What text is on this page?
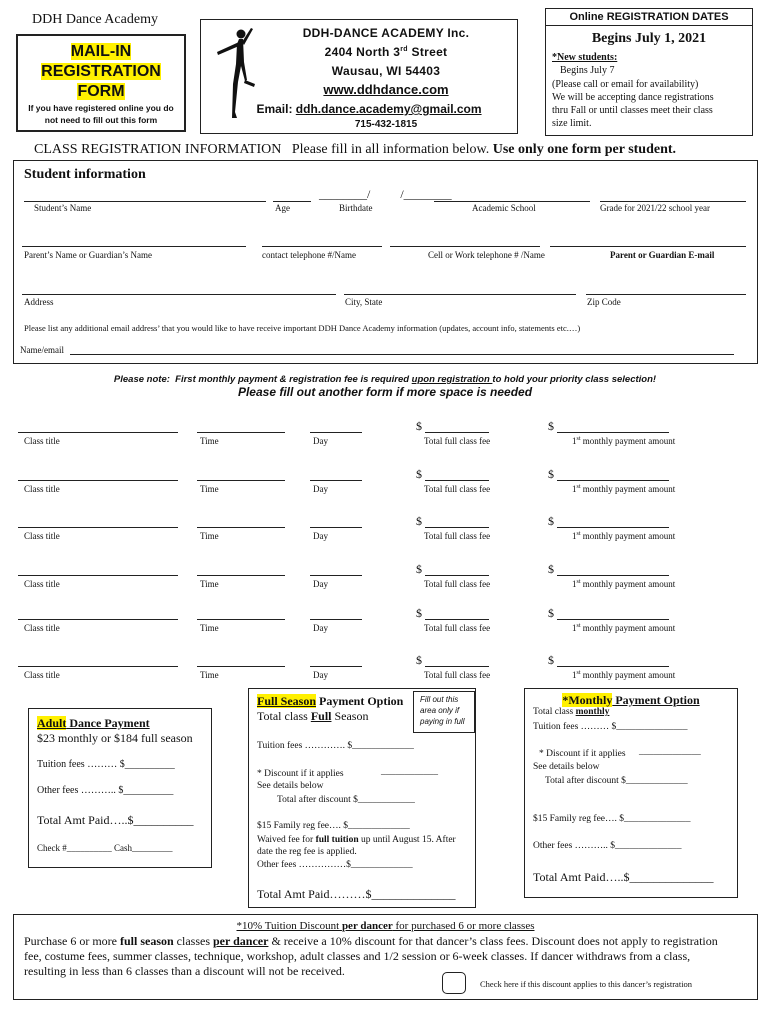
DDH Dance Academy
MAIL-IN
REGISTRATION
FORM
If you have registered online you do not need to fill out this form
DDH-DANCE ACADEMY Inc.
2404 North 3rd Street
Wausau, WI 54403
www.ddhdance.com
Email: ddh.dance.academy@gmail.com
715-432-1815
Online REGISTRATION DATES
Begins July 1, 2021
*New students:
Begins July 7
(Please call or email for availability)
We will be accepting dance registrations
thru Fall or until classes meet their class
size limit.
CLASS REGISTRATION INFORMATION Please fill in all information below. Use only one form per student.
Student information
________/          /________
Student’s Name	Age	Birthdate	Academic School	Grade for 2021/22 school year
Parent’s Name or Guardian’s Name	contact telephone #/Name	Cell or Work telephone # /Name	Parent or Guardian E-mail
Address	City, State	Zip Code
Please list any additional email address’ that you would like to have receive important DDH Dance Academy information (updates, account info, statements etc.…)
Name/email
Please note: First monthly payment & registration fee is required upon registration to hold your priority class selection!
Please fill out another form if more space is needed
$	$
Class title	Time	Day	Total full class fee	1st monthly payment amount
$	$
Class title	Time	Day	Total full class fee	1st monthly payment amount
$	$
Class title	Time	Day	Total full class fee	1st monthly payment amount
$	$
Class title	Time	Day	Total full class fee	1st monthly payment amount
$	$
Class title	Time	Day	Total full class fee	1st monthly payment amount
$	$
Class title	Time	Day	Total full class fee	1st monthly payment amount
Adult Dance Payment
$23 monthly or $184 full season
Tuition fees ……… $__________
Other fees ……….. $__________
Total Amt Paid…..$__________
Check #__________ Cash_________
Full Season Payment Option
Total class Full Season
Fill out this area only if paying in full
Tuition fees …………. $_____________
* Discount if it applies	____________
See details below
Total after discount $____________
$15 Family reg fee…. $_____________
Waived fee for full tuition up until August 15. After
date the reg fee is applied.
Other fees ……………$_____________
Total Amt Paid………$______________
*Monthly Payment Option
Total class monthly
Tuition fees ……… $_______________
* Discount if it applies _____________
See details below
Total after discount $_____________
$15 Family reg fee…. $______________
Other fees ……….. $______________
Total Amt Paid…..$______________
*10% Tuition Discount per dancer for purchased 6 or more classes
Purchase 6 or more full season classes per dancer & receive a 10% discount for that dancer’s class fees. Discount does not apply to registration fee, costume fees, summer classes, technique, workshop, adult classes and 1/2 session or 6-week classes. If dancer withdraws from a class, resulting in less than 6 classes than a discount will not be received.
Check here if this discount applies to this dancer’s registration
